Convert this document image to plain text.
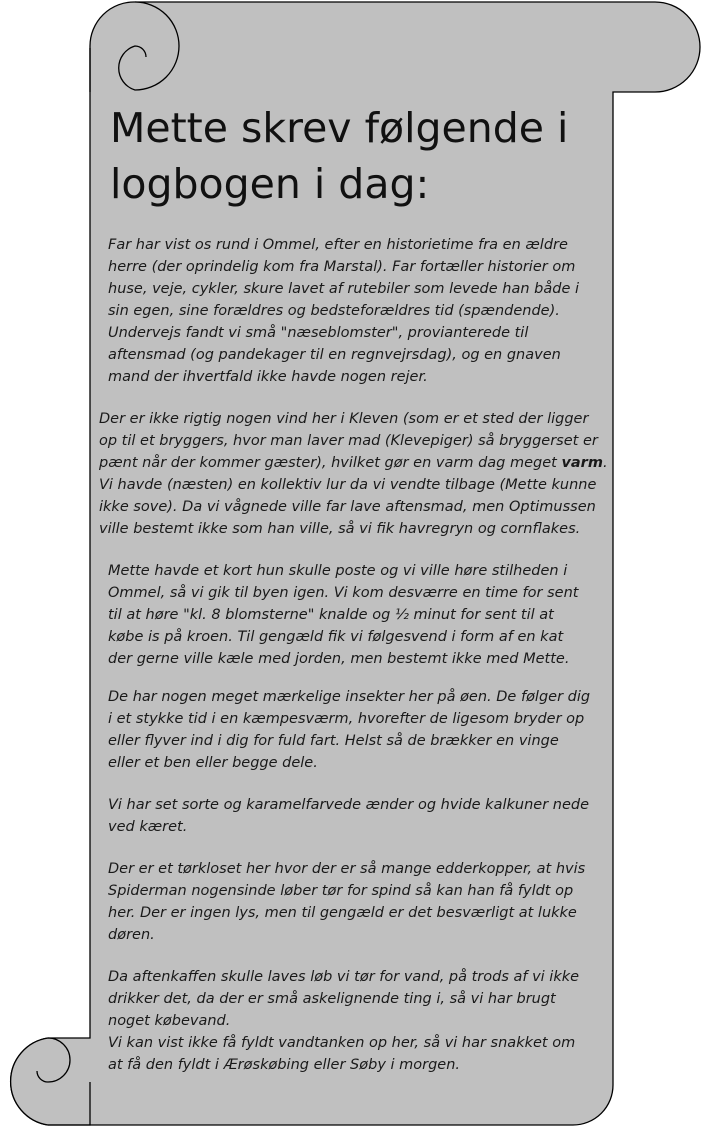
Mette skrev følgende i logbogen i dag:

Far har vist os rund i Ommel, efter en historietime fra en ældre
herre (der oprindelig kom fra Marstal). Far fortæller historier om
huse, veje, cykler, skure lavet af rutebiler som levede han både i
sin egen, sine forældres og bedsteforældres tid (spændende).
Undervejs fandt vi små "næseblomster", provianterede til
aftensmad (og pandekager til en regnvejrsdag), og en gnaven
mand der ihvertfald ikke havde nogen rejer.

Der er ikke rigtig nogen vind her i Kleven (som er et sted der ligger
op til et bryggers, hvor man laver mad (Klevepiger) så bryggerset er
pænt når der kommer gæster), hvilket gør en varm dag meget varm.
Vi havde (næsten) en kollektiv lur da vi vendte tilbage (Mette kunne
ikke sove). Da vi vågnede ville far lave aftensmad, men Optimussen
ville bestemt ikke som han ville, så vi fik havregryn og cornflakes.

Mette havde et kort hun skulle poste og vi ville høre stilheden i
Ommel, så vi gik til byen igen. Vi kom desværre en time for sent
til at høre "kl. 8 blomsterne" knalde og ½ minut for sent til at
købe is på kroen. Til gengæld fik vi følgesvend i form af en kat
der gerne ville kæle med jorden, men bestemt ikke med Mette.

De har nogen meget mærkelige insekter her på øen. De følger dig
i et stykke tid i en kæmpesværm, hvorefter de ligesom bryder op
eller flyver ind i dig for fuld fart. Helst så de brækker en vinge
eller et ben eller begge dele.

Vi har set sorte og karamelfarvede ænder og hvide kalkuner nede
ved kæret.

Der er et tørkloset her hvor der er så mange edderkopper, at hvis
Spiderman nogensinde løber tør for spind så kan han få fyldt op
her. Der er ingen lys, men til gengæld er det besværligt at lukke
døren.

Da aftenkaffen skulle laves løb vi tør for vand, på trods af vi ikke
drikker det, da der er små askelignende ting i, så vi har brugt
noget købevand.
Vi kan vist ikke få fyldt vandtanken op her, så vi har snakket om
at få den fyldt i Ærøskøbing eller Søby i morgen.
